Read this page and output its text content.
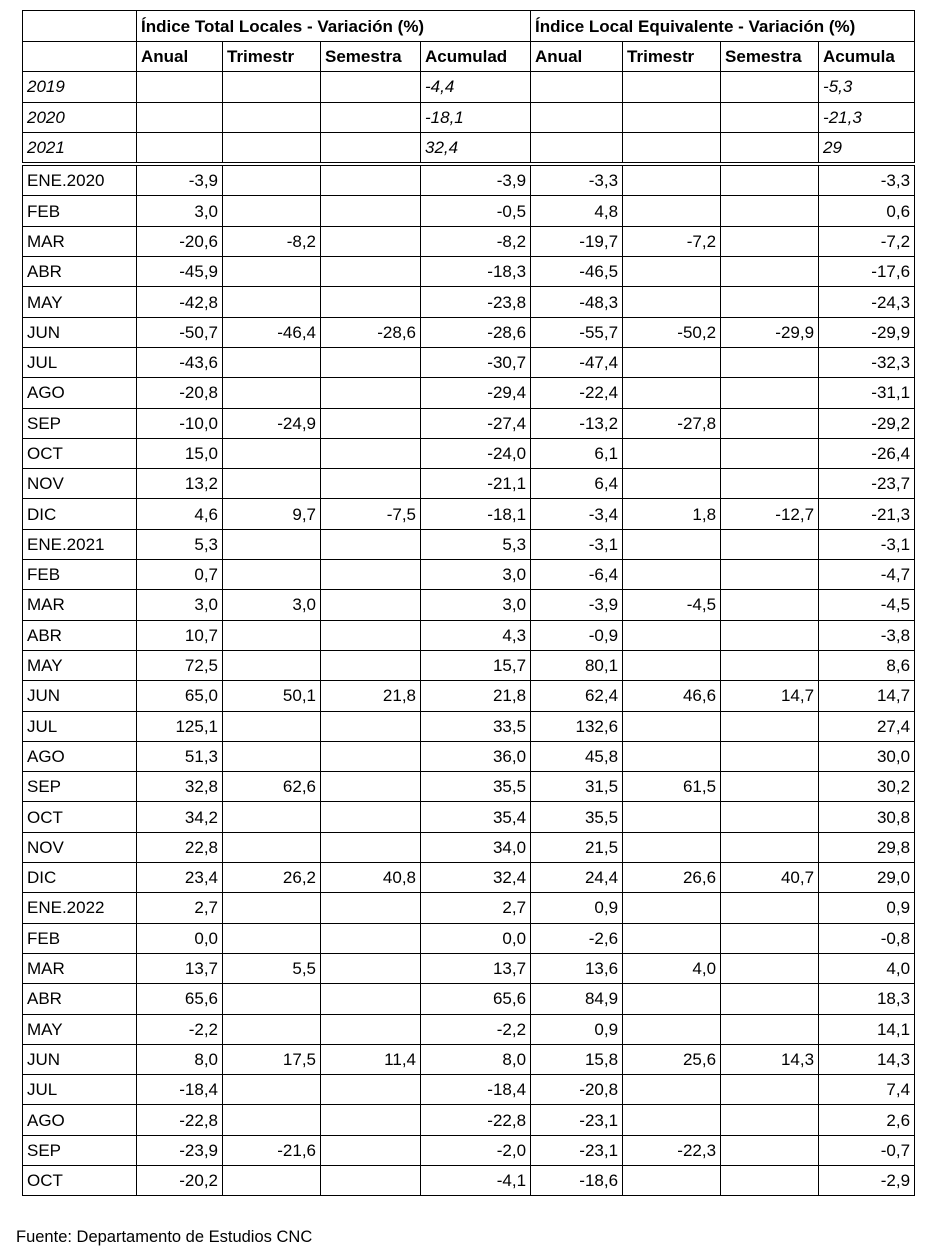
	Índice Total Locales - Variación (%)				Índice Local Equivalente - Variación (%)			
	Anual	Trimestr	Semestra	Acumulad	Anual	Trimestr	Semestra	Acumula
2019				-4,4				-5,3
2020				-18,1				-21,3
2021				32,4				29
ENE.2020	-3,9			-3,9	-3,3			-3,3
FEB	3,0			-0,5	4,8			0,6
MAR	-20,6	-8,2		-8,2	-19,7	-7,2		-7,2
ABR	-45,9			-18,3	-46,5			-17,6
MAY	-42,8			-23,8	-48,3			-24,3
JUN	-50,7	-46,4	-28,6	-28,6	-55,7	-50,2	-29,9	-29,9
JUL	-43,6			-30,7	-47,4			-32,3
AGO	-20,8			-29,4	-22,4			-31,1
SEP	-10,0	-24,9		-27,4	-13,2	-27,8		-29,2
OCT	15,0			-24,0	6,1			-26,4
NOV	13,2			-21,1	6,4			-23,7
DIC	4,6	9,7	-7,5	-18,1	-3,4	1,8	-12,7	-21,3
ENE.2021	5,3			5,3	-3,1			-3,1
FEB	0,7			3,0	-6,4			-4,7
MAR	3,0	3,0		3,0	-3,9	-4,5		-4,5
ABR	10,7			4,3	-0,9			-3,8
MAY	72,5			15,7	80,1			8,6
JUN	65,0	50,1	21,8	21,8	62,4	46,6	14,7	14,7
JUL	125,1			33,5	132,6			27,4
AGO	51,3			36,0	45,8			30,0
SEP	32,8	62,6		35,5	31,5	61,5		30,2
OCT	34,2			35,4	35,5			30,8
NOV	22,8			34,0	21,5			29,8
DIC	23,4	26,2	40,8	32,4	24,4	26,6	40,7	29,0
ENE.2022	2,7			2,7	0,9			0,9
FEB	0,0			0,0	-2,6			-0,8
MAR	13,7	5,5		13,7	13,6	4,0		4,0
ABR	65,6			65,6	84,9			18,3
MAY	-2,2			-2,2	0,9			14,1
JUN	8,0	17,5	11,4	8,0	15,8	25,6	14,3	14,3
JUL	-18,4			-18,4	-20,8			7,4
AGO	-22,8			-22,8	-23,1			2,6
SEP	-23,9	-21,6		-2,0	-23,1	-22,3		-0,7
OCT	-20,2			-4,1	-18,6			-2,9
Fuente: Departamento de Estudios CNC
